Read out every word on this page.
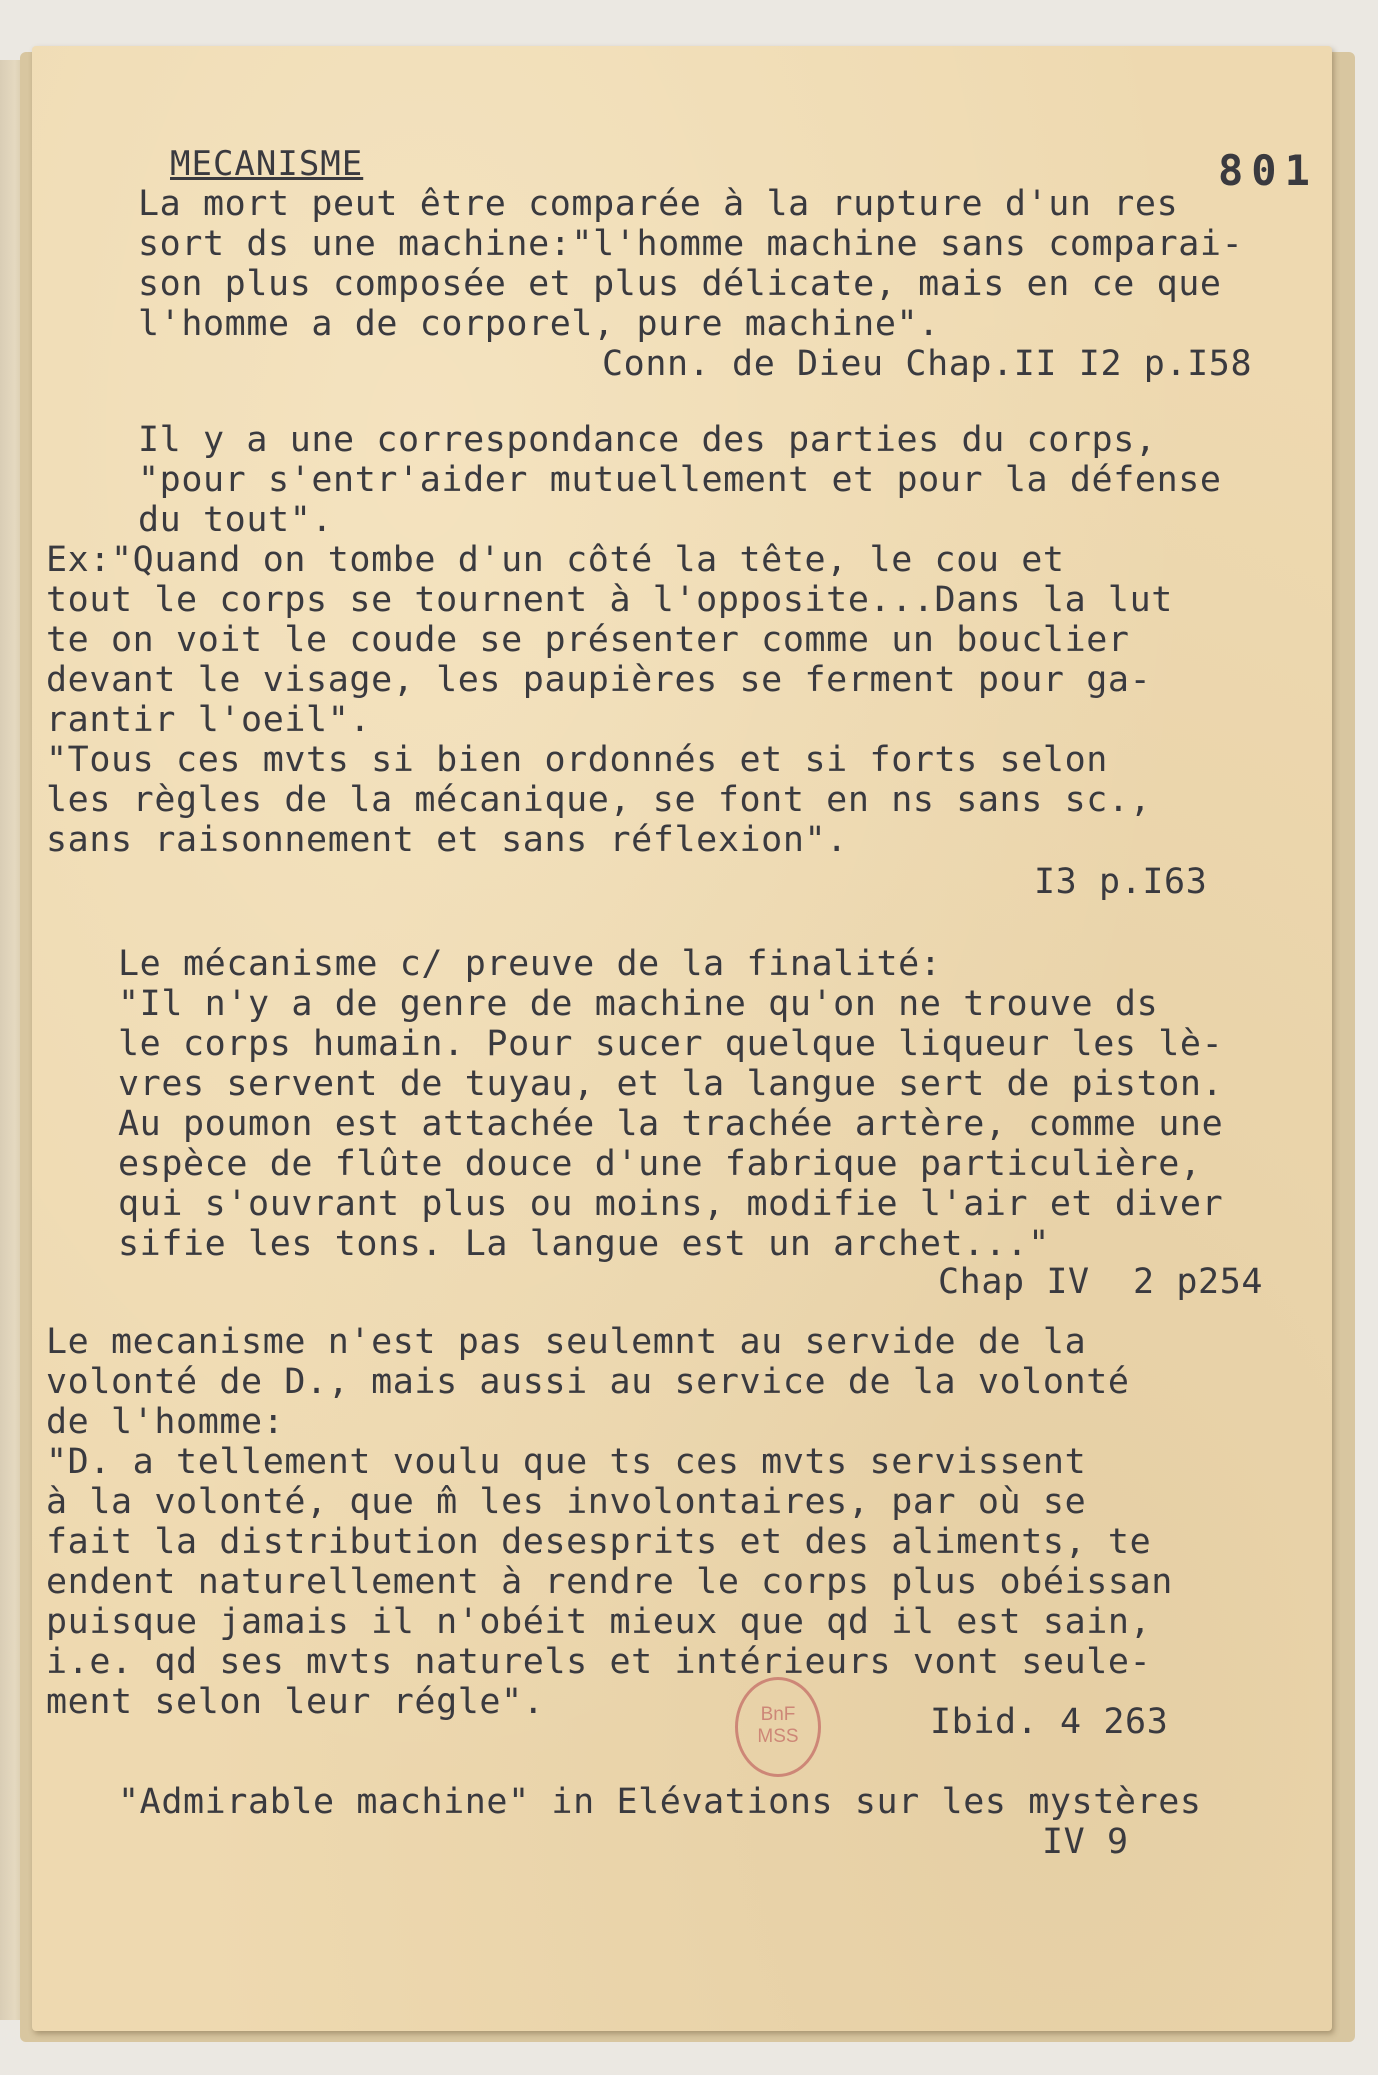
MECANISME	801
La mort peut être comparée à la rupture d'un res
sort ds une machine:"l'homme machine sans comparai-
son plus composée et plus délicate, mais en ce que
l'homme a de corporel, pure machine".
Conn. de Dieu Chap.II I2 p.I58
Il y a une correspondance des parties du corps,
"pour s'entr'aider mutuellement et pour la défense
du tout".
Ex:"Quand on tombe d'un côté la tête, le cou et
tout le corps se tournent à l'opposite...Dans la lut
te on voit le coude se présenter comme un bouclier
devant le visage, les paupières se ferment pour ga-
rantir l'oeil".
"Tous ces mvts si bien ordonnés et si forts selon
les règles de la mécanique, se font en ns sans sc.,
sans raisonnement et sans réflexion".
I3 p.I63
Le mécanisme c/ preuve de la finalité:
"Il n'y a de genre de machine qu'on ne trouve ds
le corps humain. Pour sucer quelque liqueur les lè-
vres servent de tuyau, et la langue sert de piston.
Au poumon est attachée la trachée artère, comme une
espèce de flûte douce d'une fabrique particulière,
qui s'ouvrant plus ou moins, modifie l'air et diver
sifie les tons. La langue est un archet..."
Chap IV  2 p254
Le mecanisme n'est pas seulemnt au servide de la
volonté de D., mais aussi au service de la volonté
de l'homme:
"D. a tellement voulu que ts ces mvts servissent
à la volonté, que m̂ les involontaires, par où se
fait la distribution desesprits et des aliments, te
endent naturellement à rendre le corps plus obéissan
puisque jamais il n'obéit mieux que qd il est sain,
i.e. qd ses mvts naturels et intérieurs vont seule-
ment selon leur régle".	Ibid. 4 263
"Admirable machine" in Elévations sur les mystères
IV 9
BnF
MSS
